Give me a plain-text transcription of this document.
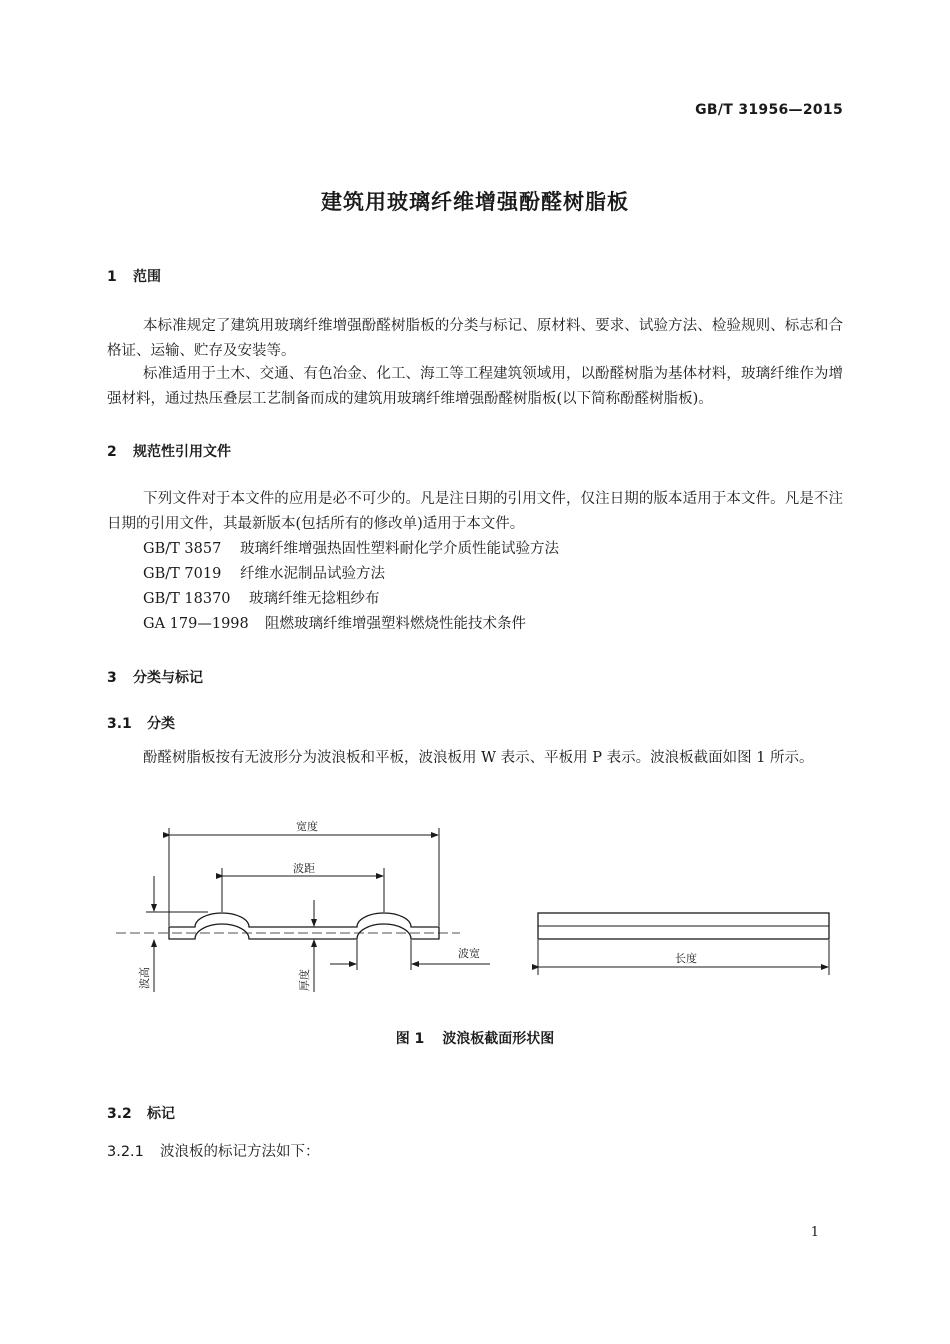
GB/T 31956—2015
建筑用玻璃纤维增强酚醛树脂板
1 范围
本标准规定了建筑用玻璃纤维增强酚醛树脂板的分类与标记、原材料、要求、试验方法、检验规则、标志和合格证、运输、贮存及安装等。
标准适用于土木、交通、有色冶金、化工、海工等工程建筑领域用，以酚醛树脂为基体材料，玻璃纤维作为增强材料，通过热压叠层工艺制备而成的建筑用玻璃纤维增强酚醛树脂板(以下简称酚醛树脂板)。
2 规范性引用文件
下列文件对于本文件的应用是必不可少的。凡是注日期的引用文件，仅注日期的版本适用于本文件。凡是不注日期的引用文件，其最新版本(包括所有的修改单)适用于本文件。
GB/T 3857 玻璃纤维增强热固性塑料耐化学介质性能试验方法
GB/T 7019 纤维水泥制品试验方法
GB/T 18370 玻璃纤维无捻粗纱布
GA 179—1998 阻燃玻璃纤维增强塑料燃烧性能技术条件
3 分类与标记
3.1 分类
酚醛树脂板按有无波形分为波浪板和平板，波浪板用 W 表示、平板用 P 表示。波浪板截面如图 1 所示。
宽度
波距
波宽	长度
波高	厚度
图 1 波浪板截面形状图
3.2 标记
3.2.1 波浪板的标记方法如下：
1
